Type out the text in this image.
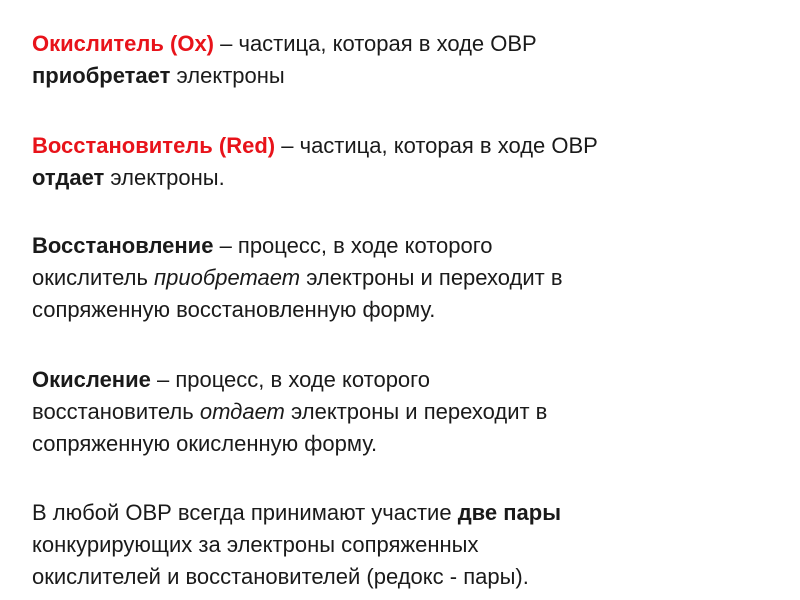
Окислитель (Ох) – частица, которая в ходе ОВР
приобретает электроны

Восстановитель (Red) – частица, которая в ходе ОВР
отдает электроны.

Восстановление – процесс, в ходе которого
окислитель приобретает электроны и переходит в
сопряженную восстановленную форму.

Окисление – процесс, в ходе которого
восстановитель отдает электроны и переходит в
сопряженную окисленную форму.

В любой ОВР всегда принимают участие две пары
конкурирующих за электроны сопряженных
окислителей и восстановителей (редокс - пары).
